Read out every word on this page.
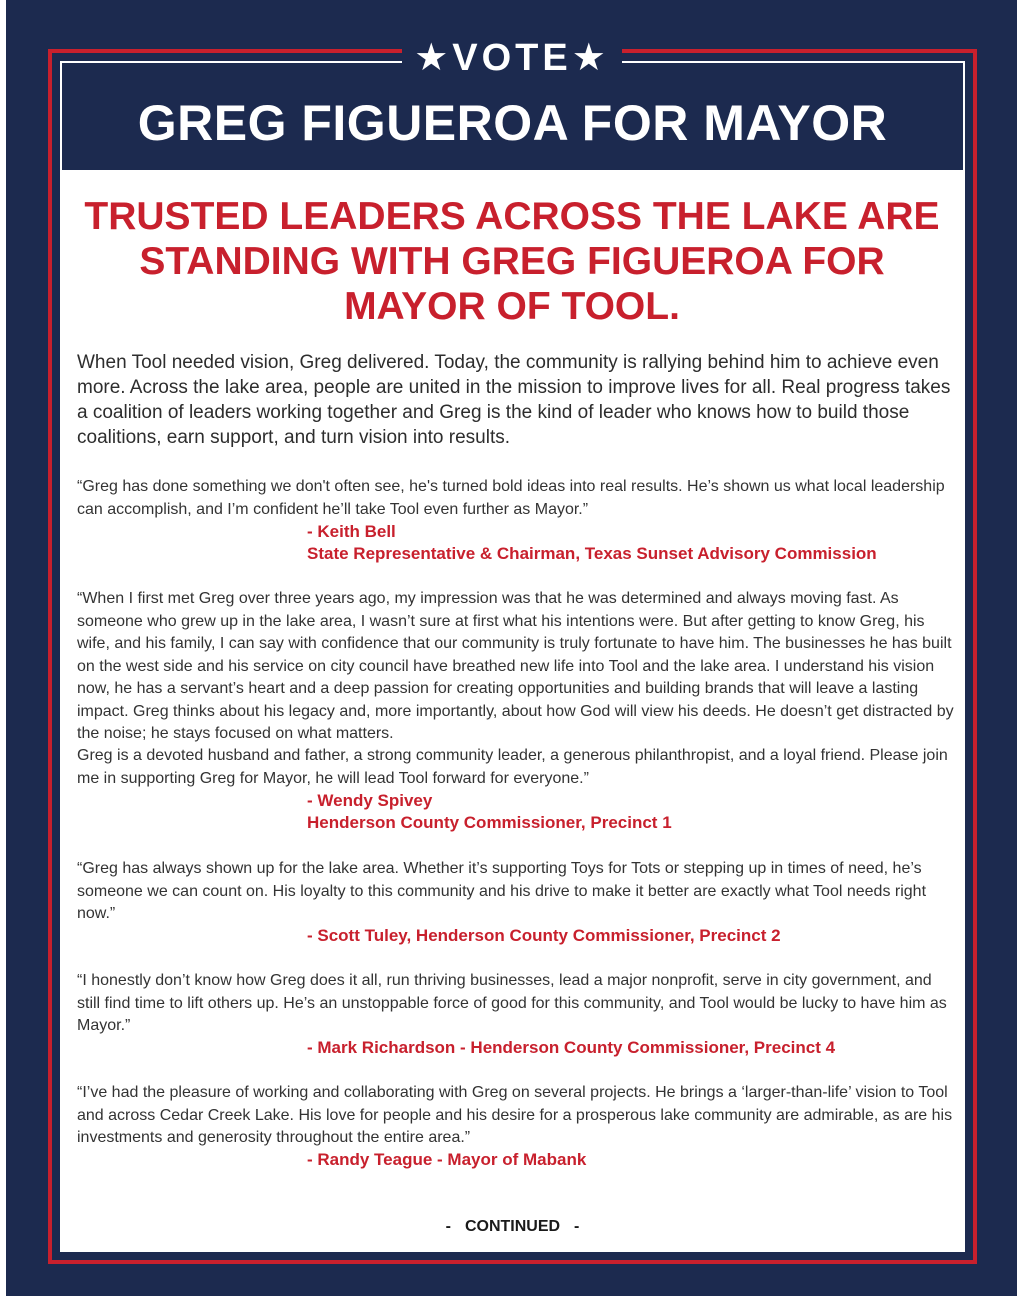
★VOTE★
GREG FIGUEROA FOR MAYOR
TRUSTED LEADERS ACROSS THE LAKE ARE STANDING WITH GREG FIGUEROA FOR MAYOR OF TOOL.
When Tool needed vision, Greg delivered. Today, the community is rallying behind him to achieve even more. Across the lake area, people are united in the mission to improve lives for all. Real progress takes a coalition of leaders working together and Greg is the kind of leader who knows how to build those coalitions, earn support, and turn vision into results.
“Greg has done something we don't often see, he's turned bold ideas into real results. He’s shown us what local leadership can accomplish, and I’m confident he’ll take Tool even further as Mayor.”
- Keith Bell
State Representative & Chairman, Texas Sunset Advisory Commission
“When I first met Greg over three years ago, my impression was that he was determined and always moving fast. As someone who grew up in the lake area, I wasn’t sure at first what his intentions were. But after getting to know Greg, his wife, and his family, I can say with confidence that our community is truly fortunate to have him. The businesses he has built on the west side and his service on city council have breathed new life into Tool and the lake area. I understand his vision now, he has a servant’s heart and a deep passion for creating opportunities and building brands that will leave a lasting impact. Greg thinks about his legacy and, more importantly, about how God will view his deeds. He doesn’t get distracted by the noise; he stays focused on what matters.
Greg is a devoted husband and father, a strong community leader, a generous philanthropist, and a loyal friend. Please join me in supporting Greg for Mayor, he will lead Tool forward for everyone.”
- Wendy Spivey
Henderson County Commissioner, Precinct 1
“Greg has always shown up for the lake area. Whether it’s supporting Toys for Tots or stepping up in times of need, he’s someone we can count on. His loyalty to this community and his drive to make it better are exactly what Tool needs right now.”
- Scott Tuley, Henderson County Commissioner, Precinct 2
“I honestly don’t know how Greg does it all, run thriving businesses, lead a major nonprofit, serve in city government, and still find time to lift others up. He’s an unstoppable force of good for this community, and Tool would be lucky to have him as Mayor.”
- Mark Richardson - Henderson County Commissioner, Precinct 4
“I’ve had the pleasure of working and collaborating with Greg on several projects. He brings a ‘larger-than-life’ vision to Tool and across Cedar Creek Lake. His love for people and his desire for a prosperous lake community are admirable, as are his investments and generosity throughout the entire area.”
- Randy Teague - Mayor of Mabank
- CONTINUED -
